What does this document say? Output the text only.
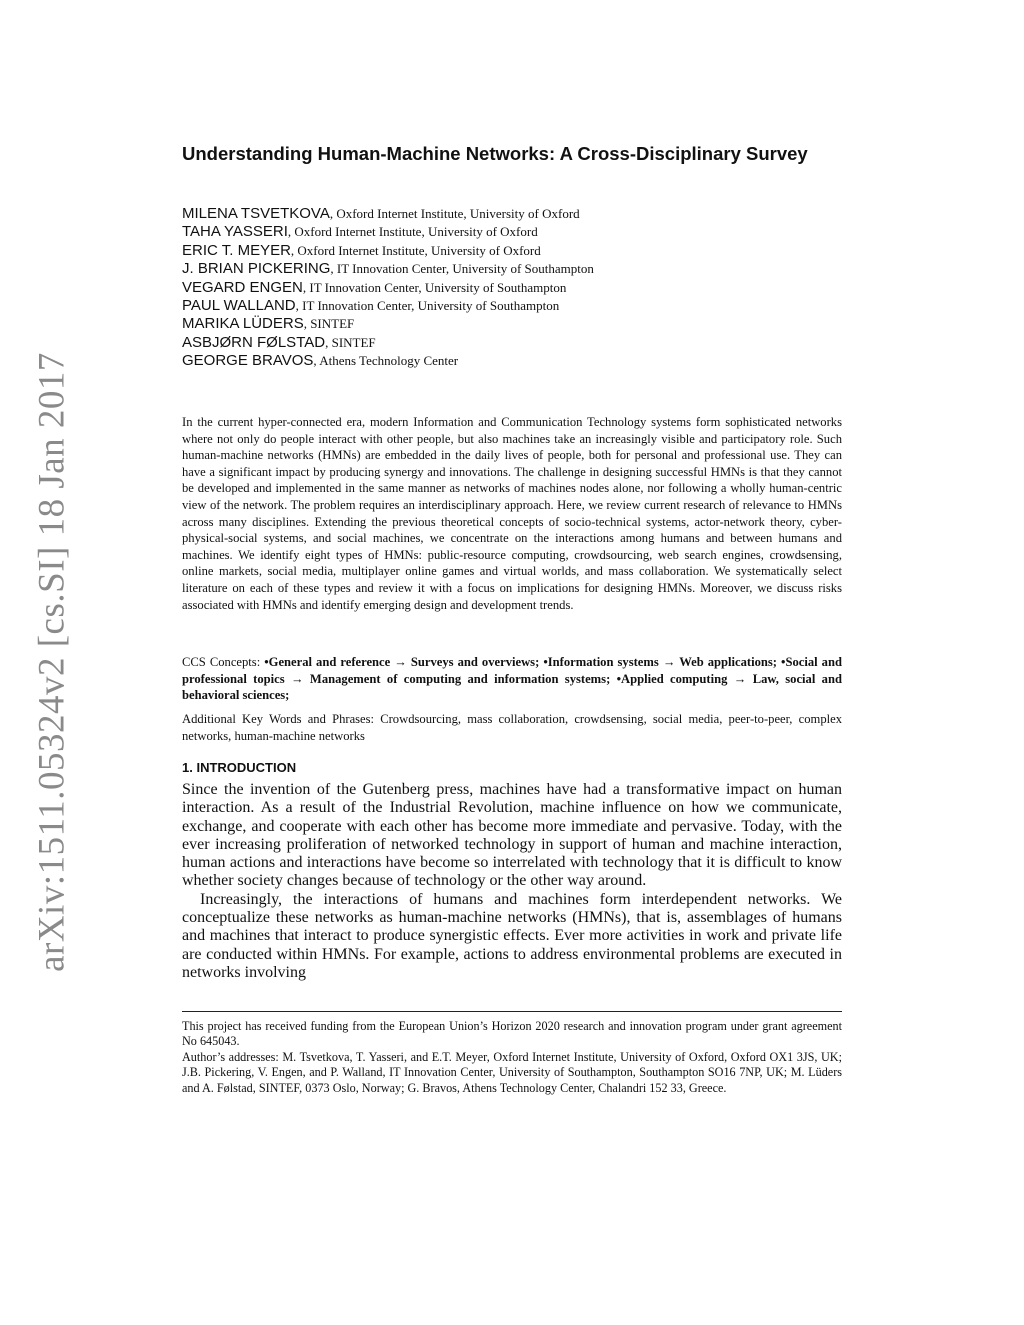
arXiv:1511.05324v2 [cs.SI] 18 Jan 2017
Understanding Human-Machine Networks: A Cross-Disciplinary Survey
MILENA TSVETKOVA, Oxford Internet Institute, University of Oxford
TAHA YASSERI, Oxford Internet Institute, University of Oxford
ERIC T. MEYER, Oxford Internet Institute, University of Oxford
J. BRIAN PICKERING, IT Innovation Center, University of Southampton
VEGARD ENGEN, IT Innovation Center, University of Southampton
PAUL WALLAND, IT Innovation Center, University of Southampton
MARIKA LÜDERS, SINTEF
ASBJØRN FØLSTAD, SINTEF
GEORGE BRAVOS, Athens Technology Center

In the current hyper-connected era, modern Information and Communication Technology systems form sophisticated networks where not only do people interact with other people, but also machines take an increasingly visible and participatory role. Such human-machine networks (HMNs) are embedded in the daily lives of people, both for personal and professional use. They can have a significant impact by producing synergy and innovations. The challenge in designing successful HMNs is that they cannot be developed and implemented in the same manner as networks of machines nodes alone, nor following a wholly human-centric view of the network. The problem requires an interdisciplinary approach. Here, we review current research of relevance to HMNs across many disciplines. Extending the previous theoretical concepts of socio-technical systems, actor-network theory, cyber-physical-social systems, and social machines, we concentrate on the interactions among humans and between humans and machines. We identify eight types of HMNs: public-resource computing, crowdsourcing, web search engines, crowdsensing, online markets, social media, multiplayer online games and virtual worlds, and mass collaboration. We systematically select literature on each of these types and review it with a focus on implications for designing HMNs. Moreover, we discuss risks associated with HMNs and identify emerging design and development trends.

CCS Concepts: •General and reference → Surveys and overviews; •Information systems → Web applications; •Social and professional topics → Management of computing and information systems; •Applied computing → Law, social and behavioral sciences;

Additional Key Words and Phrases: Crowdsourcing, mass collaboration, crowdsensing, social media, peer-to-peer, complex networks, human-machine networks

1. INTRODUCTION

Since the invention of the Gutenberg press, machines have had a transformative impact on human interaction. As a result of the Industrial Revolution, machine influence on how we communicate, exchange, and cooperate with each other has become more immediate and pervasive. Today, with the ever increasing proliferation of networked technology in support of human and machine interaction, human actions and interactions have become so interrelated with technology that it is difficult to know whether society changes because of technology or the other way around.

Increasingly, the interactions of humans and machines form interdependent networks. We conceptualize these networks as human-machine networks (HMNs), that is, assemblages of humans and machines that interact to produce synergistic effects. Ever more activities in work and private life are conducted within HMNs. For example, actions to address environmental problems are executed in networks involving

This project has received funding from the European Union’s Horizon 2020 research and innovation program under grant agreement No 645043.

Author’s addresses: M. Tsvetkova, T. Yasseri, and E.T. Meyer, Oxford Internet Institute, University of Oxford, Oxford OX1 3JS, UK; J.B. Pickering, V. Engen, and P. Walland, IT Innovation Center, University of Southampton, Southampton SO16 7NP, UK; M. Lüders and A. Følstad, SINTEF, 0373 Oslo, Norway; G. Bravos, Athens Technology Center, Chalandri 152 33, Greece.
